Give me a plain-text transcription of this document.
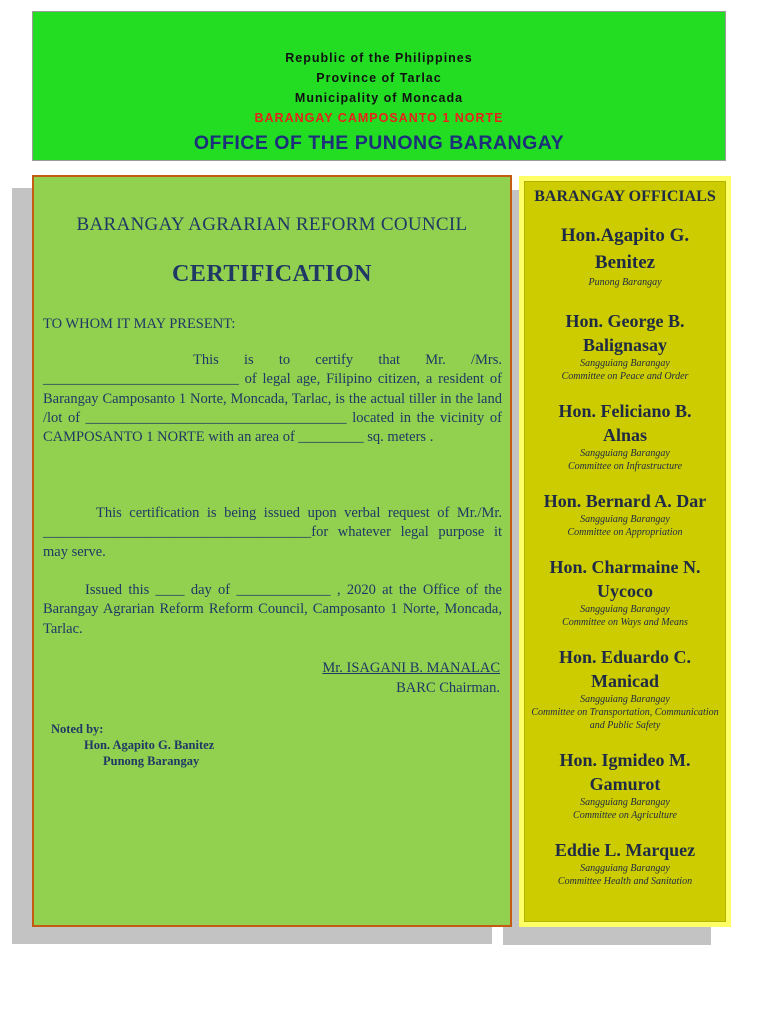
Republic of the Philippines
Province of Tarlac
Municipality of Moncada
BARANGAY CAMPOSANTO 1 NORTE
OFFICE OF THE PUNONG BARANGAY
BARANGAY AGRARIAN REFORM COUNCIL
CERTIFICATION
TO WHOM IT MAY PRESENT:
This is to certify that Mr. /Mrs. ___________________________ of legal age, Filipino citizen, a resident of Barangay Camposanto 1 Norte, Moncada, Tarlac, is the actual tiller in the land /lot of ____________________________________ located in the vicinity of CAMPOSANTO 1 NORTE with an area of _________ sq. meters .
This certification is being issued upon verbal request of Mr./Mr. _____________________________________for whatever legal purpose it may serve.
Issued this ____ day of _____________ , 2020 at the Office of the Barangay Agrarian Reform Reform Council, Camposanto 1 Norte, Moncada, Tarlac.
Mr. ISAGANI B. MANALAC
BARC Chairman.
Noted by:
Hon. Agapito G. Banitez
Punong Barangay
BARANGAY OFFICIALS
Hon.Agapito G. Benitez
Punong Barangay
Hon. George B. Balignasay
Sangguiang Barangay
Committee on Peace and Order
Hon. Feliciano B. Alnas
Sangguiang Barangay
Committee on Infrastructure
Hon. Bernard A. Dar
Sangguiang Barangay
Committee on Appropriation
Hon. Charmaine N. Uycoco
Sangguiang Barangay
Committee on Ways and Means
Hon. Eduardo C. Manicad
Sangguiang Barangay
Committee on Transportation, Communication and Public Safety
Hon. Igmideo M. Gamurot
Sangguiang Barangay
Committee on Agriculture
Eddie L. Marquez
Sangguiang Barangay
Committee Health and Sanitation
